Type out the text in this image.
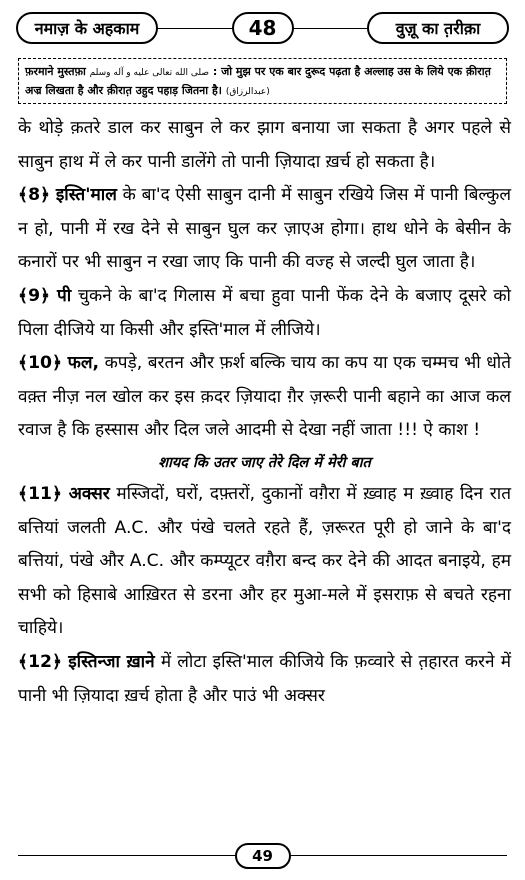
नमाज़ के अहकाम	48	वुज़ू का त़रीक़ा
फ़रमाने मुस्तफ़ा صلى الله تعالى عليه و آله وسلم : जो मुझ पर एक बार दुरूद पढ़ता है अल्लाह उस के लिये एक क़ीरात़ अज्र लिखता है और क़ीरात़ उहुद पहाड़ जितना है। (عبدالرزاق)

के थोड़े क़तरे डाल कर साबुन ले कर झाग बनाया जा सकता है अगर पहले से साबुन हाथ में ले कर पानी डालेंगे तो पानी ज़ियादा ख़र्च हो सकता है।

﴾8﴿ इस्ति'माल के बा'द ऐसी साबुन दानी में साबुन रखिये जिस में पानी बिल्कुल न हो, पानी में रख देने से साबुन घुल कर ज़ाएअ होगा। हाथ धोने के बेसीन के कनारों पर भी साबुन न रखा जाए कि पानी की वज्ह से जल्दी घुल जाता है।

﴾9﴿ पी चुकने के बा'द गिलास में बचा हुवा पानी फेंक देने के बजाए दूसरे को पिला दीजिये या किसी और इस्ति'माल में लीजिये।

﴾10﴿ फल, कपड़े, बरतन और फ़र्श बल्कि चाय का कप या एक चम्मच भी धोते वक़्त नीज़ नल खोल कर इस क़दर ज़ियादा ग़ैर ज़रूरी पानी बहाने का आज कल रवाज है कि हस्सास और दिल जले आदमी से देखा नहीं जाता !!! ऐ काश !

शायद कि उतर जाए तेरे दिल में मेरी बात

﴾11﴿ अक्सर मस्जिदों, घरों, दफ़्तरों, दुकानों वग़ैरा में ख़्वाह म ख़्वाह दिन रात बत्तियां जलती A.C. और पंखे चलते रहते हैं, ज़रूरत पूरी हो जाने के बा'द बत्तियां, पंखे और A.C. और कम्प्यूटर वग़ैरा बन्द कर देने की आदत बनाइये, हम सभी को हिसाबे आख़िरत से डरना और हर मुआ-मले में इसराफ़ से बचते रहना चाहिये।

﴾12﴿ इस्तिन्जा ख़ाने में लोटा इस्ति'माल कीजिये कि फ़व्वारे से त़हारत करने में पानी भी ज़ियादा ख़र्च होता है और पाउं भी अक्सर

49
